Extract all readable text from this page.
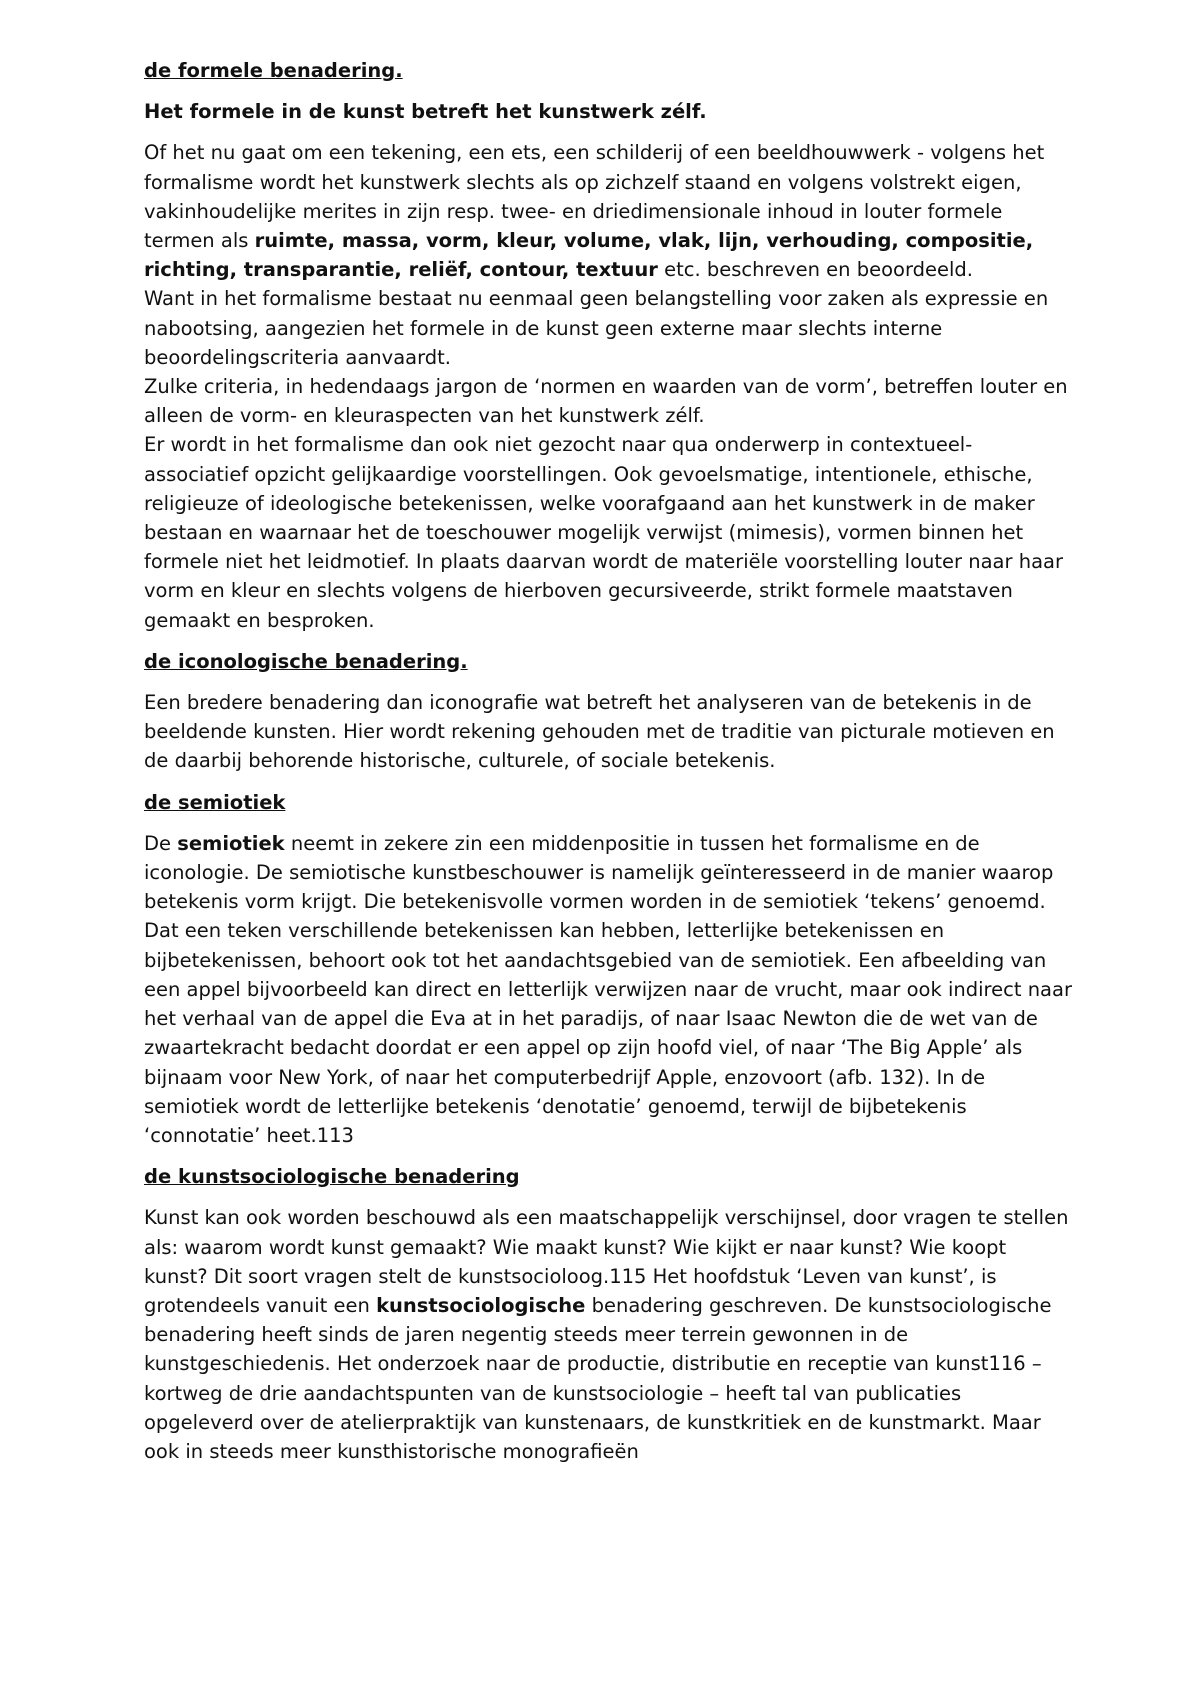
de formele benadering.
Het formele in de kunst betreft het kunstwerk zélf.

Of het nu gaat om een tekening, een ets, een schilderij of een beeldhouwwerk - volgens het formalisme wordt het kunstwerk slechts als op zichzelf staand en volgens volstrekt eigen, vakinhoudelijke merites in zijn resp. twee- en driedimensionale inhoud in louter formele termen als ruimte, massa, vorm, kleur, volume, vlak, lijn, verhouding, compositie, richting, transparantie, reliëf, contour, textuur etc. beschreven en beoordeeld.

Want in het formalisme bestaat nu eenmaal geen belangstelling voor zaken als expressie en nabootsing, aangezien het formele in de kunst geen externe maar slechts interne beoordelingscriteria aanvaardt.

Zulke criteria, in hedendaags jargon de ‘normen en waarden van de vorm’, betreffen louter en alleen de vorm- en kleuraspecten van het kunstwerk zélf.

Er wordt in het formalisme dan ook niet gezocht naar qua onderwerp in contextueel-associatief opzicht gelijkaardige voorstellingen. Ook gevoelsmatige, intentionele, ethische, religieuze of ideologische betekenissen, welke voorafgaand aan het kunstwerk in de maker bestaan en waarnaar het de toeschouwer mogelijk verwijst (mimesis), vormen binnen het formele niet het leidmotief. In plaats daarvan wordt de materiële voorstelling louter naar haar vorm en kleur en slechts volgens de hierboven gecursiveerde, strikt formele maatstaven gemaakt en besproken.

de iconologische benadering.

Een bredere benadering dan iconografie wat betreft het analyseren van de betekenis in de beeldende kunsten. Hier wordt rekening gehouden met de traditie van picturale motieven en de daarbij behorende historische, culturele, of sociale betekenis.

de semiotiek

De semiotiek neemt in zekere zin een middenpositie in tussen het formalisme en de iconologie. De semiotische kunstbeschouwer is namelijk geïnteresseerd in de manier waarop betekenis vorm krijgt. Die betekenisvolle vormen worden in de semiotiek ‘tekens’ genoemd. Dat een teken verschillende betekenissen kan hebben, letterlijke betekenissen en bijbetekenissen, behoort ook tot het aandachtsgebied van de semiotiek. Een afbeelding van een appel bijvoorbeeld kan direct en letterlijk verwijzen naar de vrucht, maar ook indirect naar het verhaal van de appel die Eva at in het paradijs, of naar Isaac Newton die de wet van de zwaartekracht bedacht doordat er een appel op zijn hoofd viel, of naar ‘The Big Apple’ als bijnaam voor New York, of naar het computerbedrijf Apple, enzovoort (afb. 132). In de semiotiek wordt de letterlijke betekenis ‘denotatie’ genoemd, terwijl de bijbetekenis ‘connotatie’ heet.113

de kunstsociologische benadering

Kunst kan ook worden beschouwd als een maatschappelijk verschijnsel, door vragen te stellen als: waarom wordt kunst gemaakt? Wie maakt kunst? Wie kijkt er naar kunst? Wie koopt kunst? Dit soort vragen stelt de kunstsocioloog.115 Het hoofdstuk ‘Leven van kunst’, is grotendeels vanuit een kunstsociologische benadering geschreven. De kunstsociologische benadering heeft sinds de jaren negentig steeds meer terrein gewonnen in de kunstgeschiedenis. Het onderzoek naar de productie, distributie en receptie van kunst116 – kortweg de drie aandachtspunten van de kunstsociologie – heeft tal van publicaties opgeleverd over de atelierpraktijk van kunstenaars, de kunstkritiek en de kunstmarkt. Maar ook in steeds meer kunsthistorische monografieën
